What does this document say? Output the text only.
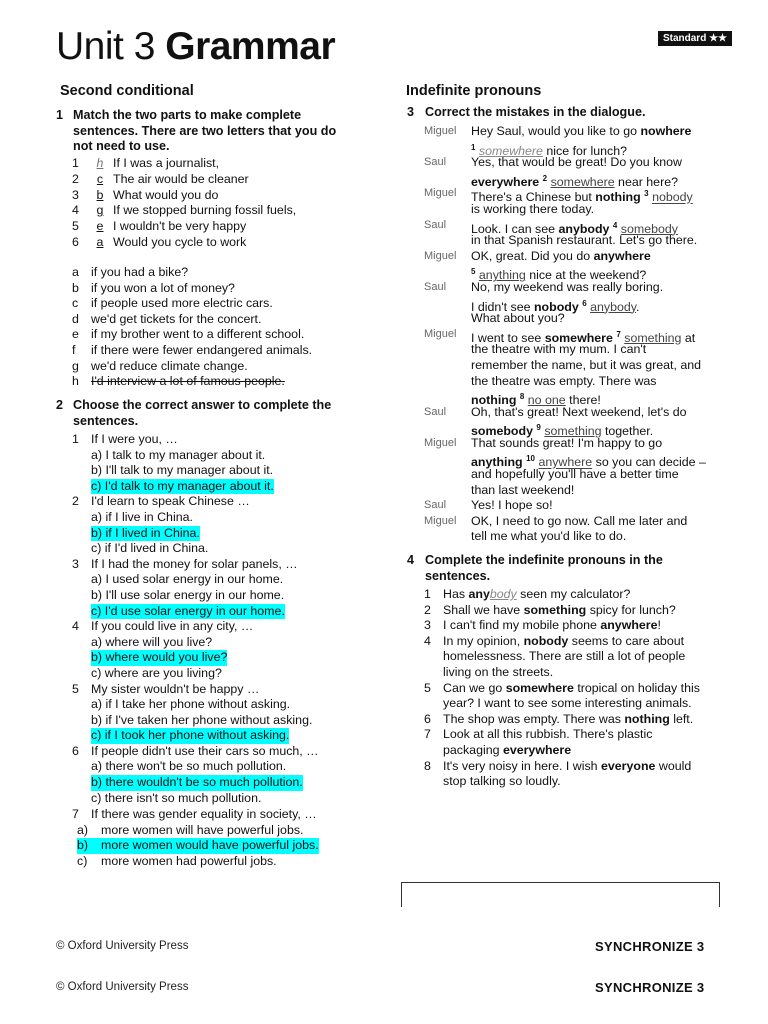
Unit 3 Grammar	Standard ★★
Second conditional
1 Match the two parts to make complete sentences. There are two letters that you do not need to use.
1	h If I was a journalist,
2	c The air would be cleaner
3	b What would you do
4	g If we stopped burning fossil fuels,
5	e I wouldn't be very happy
6	a Would you cycle to work
a if you had a bike?
b if you won a lot of money?
c if people used more electric cars.
d we'd get tickets for the concert.
e if my brother went to a different school.
f if there were fewer endangered animals.
g we'd reduce climate change.
h I'd interview a lot of famous people.
2 Choose the correct answer to complete the sentences.
1 If I were you, …
a) I talk to my manager about it.
b) I'll talk to my manager about it.
c) I'd talk to my manager about it.
2 I'd learn to speak Chinese …
a) if I live in China.
b) if I lived in China.
c) if I'd lived in China.
3 If I had the money for solar panels, …
a) I used solar energy in our home.
b) I'll use solar energy in our home.
c) I'd use solar energy in our home.
4 If you could live in any city, …
a) where will you live?
b) where would you live?
c) where are you living?
5 My sister wouldn't be happy …
a) if I take her phone without asking.
b) if I've taken her phone without asking.
c) if I took her phone without asking.
6 If people didn't use their cars so much, …
a) there won't be so much pollution.
b) there wouldn't be so much pollution.
c) there isn't so much pollution.
7 If there was gender equality in society, …
a) more women will have powerful jobs.
b)	more women would have powerful jobs.
c) more women had powerful jobs.
Indefinite pronouns
3 Correct the mistakes in the dialogue.
Miguel Hey Saul, would you like to go nowhere
$^1$ somewhere nice for lunch?
Saul Yes, that would be great! Do you know
everywhere $^2$ somewhere near here?
Miguel There's a Chinese but nothing $^3$ nobody
is working there today.
Saul Look. I can see anybody $^4$ somebody
in that Spanish restaurant. Let's go there.
Miguel OK, great. Did you do anywhere
$^5$ anything nice at the weekend?
Saul No, my weekend was really boring.
I didn't see nobody $^6$ anybody.
What about you?
Miguel I went to see somewhere $^7$ something at
the theatre with my mum. I can't
remember the name, but it was great, and
the theatre was empty. There was
nothing $^8$ no one there!
Saul Oh, that's great! Next weekend, let's do
somebody $^9$ something together.
Miguel That sounds great! I'm happy to go
anything $^{10}$ anywhere so you can decide –
and hopefully you'll have a better time
than last weekend!
Saul Yes! I hope so!
Miguel OK, I need to go now. Call me later and
tell me what you'd like to do.
4 Complete the indefinite pronouns in the sentences.
1 Has anybody seen my calculator?
2 Shall we have something spicy for lunch?
3 I can't find my mobile phone anywhere!
4 In my opinion, nobody seems to care about
homelessness. There are still a lot of people
living on the streets.
5 Can we go somewhere tropical on holiday this
year? I want to see some interesting animals.
6 The shop was empty. There was nothing left.
7 Look at all this rubbish. There's plastic
packaging everywhere
8 It's very noisy in here. I wish everyone would
stop talking so loudly.
© Oxford University Press	SYNCHRONIZE 3
© Oxford University Press	SYNCHRONIZE 3
